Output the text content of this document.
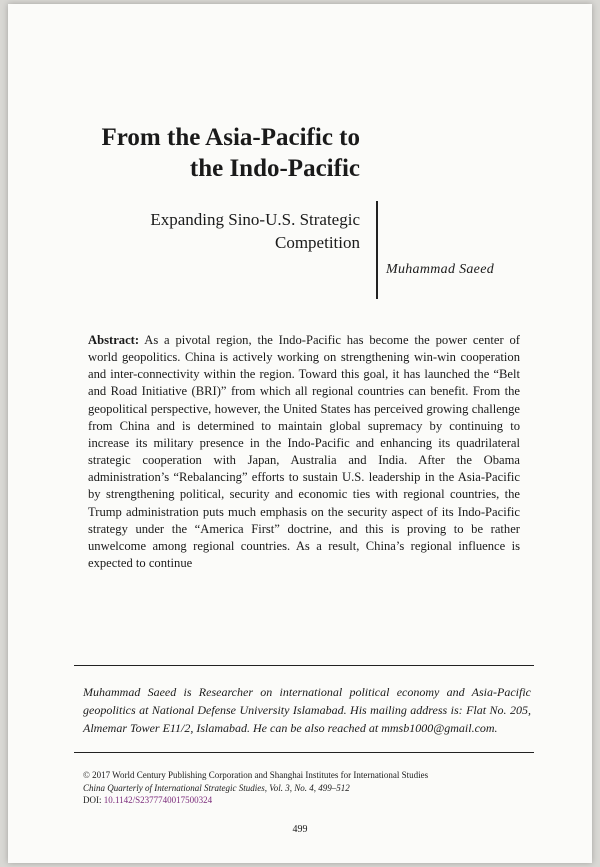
From the Asia-Pacific to
the Indo-Pacific
Expanding Sino-U.S. Strategic
Competition
Muhammad Saeed
Abstract: As a pivotal region, the Indo-Pacific has become the power center of world geopolitics. China is actively working on strengthening win-win cooperation and inter-connectivity within the region. Toward this goal, it has launched the “Belt and Road Initiative (BRI)” from which all regional countries can benefit. From the geopolitical perspective, however, the United States has perceived growing challenge from China and is determined to maintain global supremacy by continuing to increase its military presence in the Indo-Pacific and enhancing its quadrilateral strategic cooperation with Japan, Australia and India. After the Obama administration’s “Rebalancing” efforts to sustain U.S. leadership in the Asia-Pacific by strengthening political, security and economic ties with regional countries, the Trump administration puts much emphasis on the security aspect of its Indo-Pacific strategy under the “America First” doctrine, and this is proving to be rather unwelcome among regional countries. As a result, China’s regional influence is expected to continue
Muhammad Saeed is Researcher on international political economy and Asia-Pacific geopolitics at National Defense University Islamabad. His mailing address is: Flat No. 205, Almemar Tower E11/2, Islamabad. He can be also reached at mmsb1000@gmail.com.
© 2017 World Century Publishing Corporation and Shanghai Institutes for International Studies
China Quarterly of International Strategic Studies, Vol. 3, No. 4, 499–512
DOI: 10.1142/S2377740017500324
499
